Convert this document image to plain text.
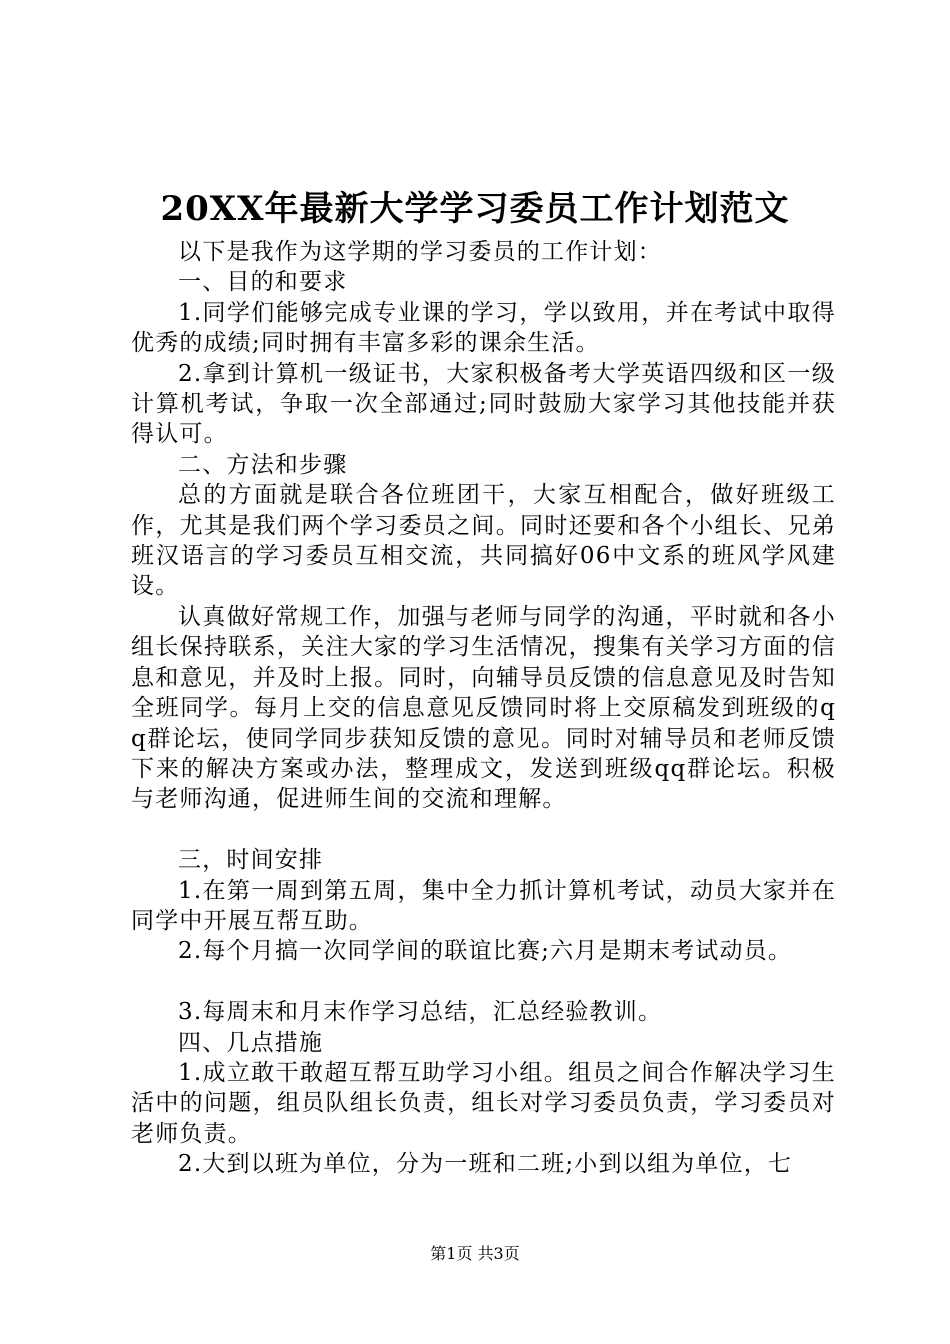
20XX年最新大学学习委员工作计划范文

以下是我作为这学期的学习委员的工作计划：

一、目的和要求

1.同学们能够完成专业课的学习，学以致用，并在考试中取得优秀的成绩;同时拥有丰富多彩的课余生活。

2.拿到计算机一级证书，大家积极备考大学英语四级和区一级计算机考试，争取一次全部通过;同时鼓励大家学习其他技能并获得认可。

二、方法和步骤

总的方面就是联合各位班团干，大家互相配合，做好班级工作，尤其是我们两个学习委员之间。同时还要和各个小组长、兄弟班汉语言的学习委员互相交流，共同搞好06中文系的班风学风建设。

认真做好常规工作，加强与老师与同学的沟通，平时就和各小组长保持联系，关注大家的学习生活情况，搜集有关学习方面的信息和意见，并及时上报。同时，向辅导员反馈的信息意见及时告知全班同学。每月上交的信息意见反馈同时将上交原稿发到班级的qq群论坛，使同学同步获知反馈的意见。同时对辅导员和老师反馈下来的解决方案或办法，整理成文，发送到班级qq群论坛。积极与老师沟通，促进师生间的交流和理解。

三，时间安排

1.在第一周到第五周，集中全力抓计算机考试，动员大家并在同学中开展互帮互助。

2.每个月搞一次同学间的联谊比赛;六月是期末考试动员。

3.每周末和月末作学习总结，汇总经验教训。

四、几点措施

1.成立敢干敢超互帮互助学习小组。组员之间合作解决学习生活中的问题，组员队组长负责，组长对学习委员负责，学习委员对老师负责。

2.大到以班为单位，分为一班和二班;小到以组为单位，七

第1页 共3页
